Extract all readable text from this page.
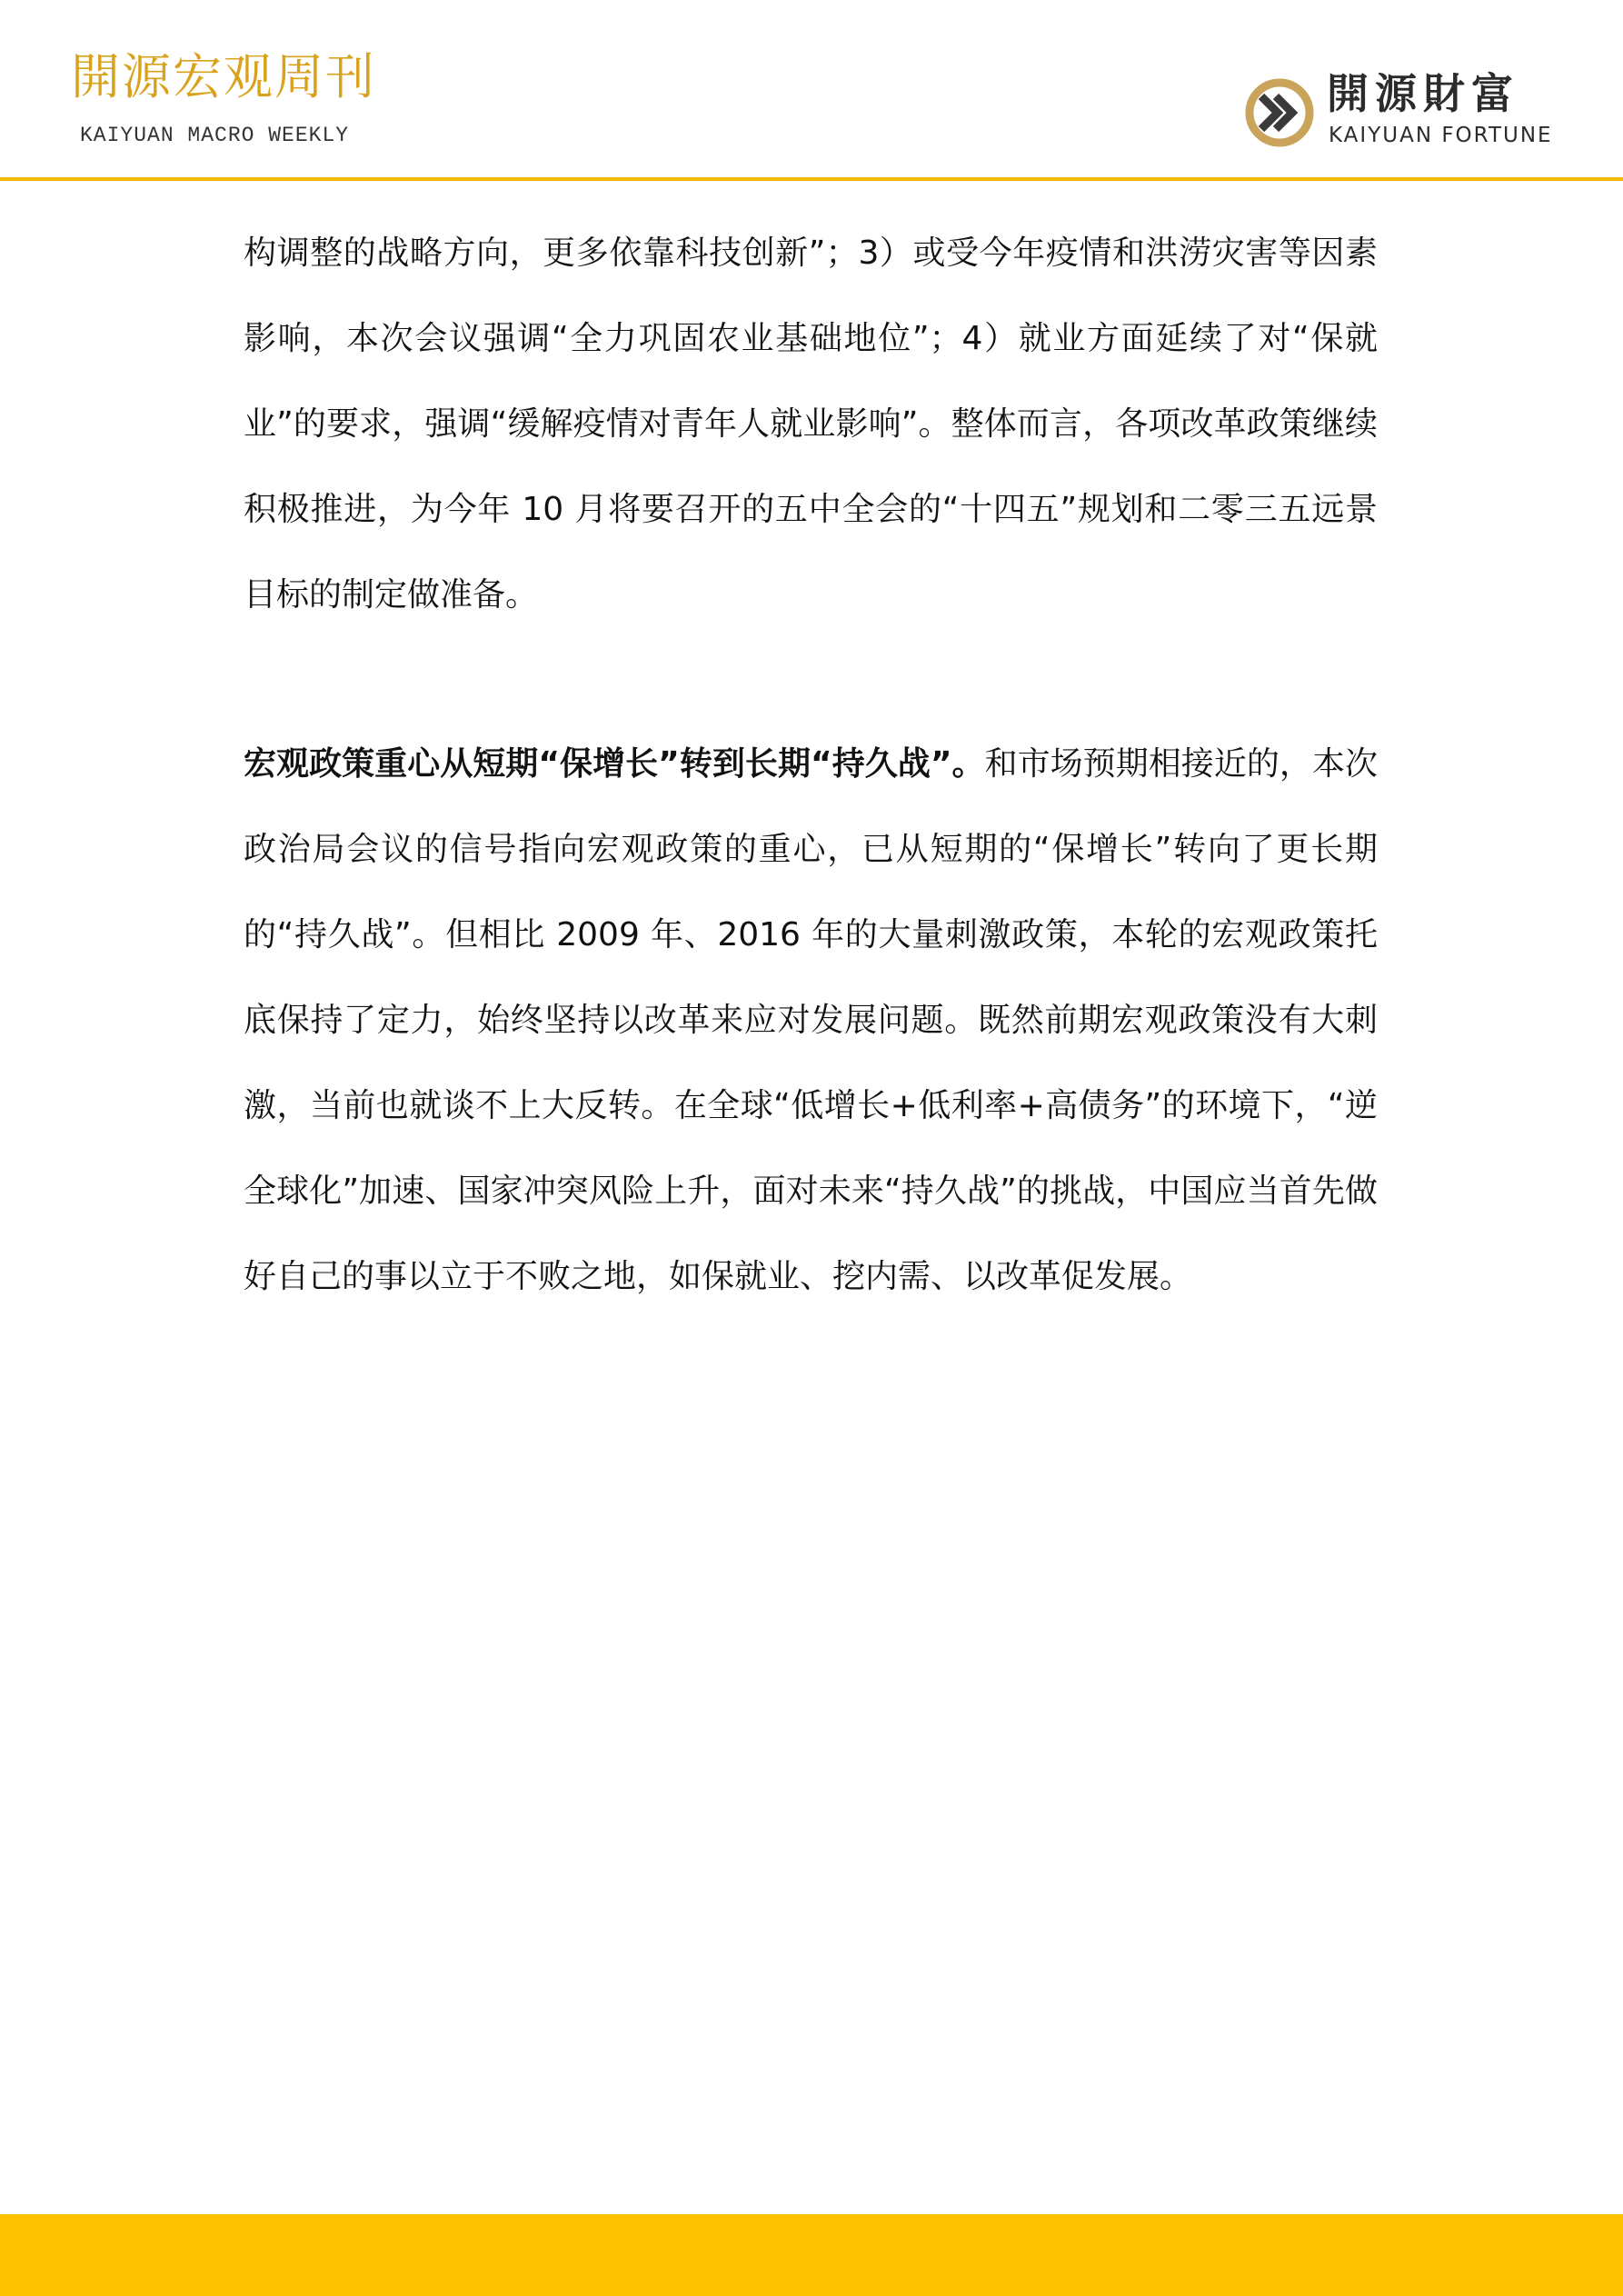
開源宏观周刊
KAIYUAN MACRO WEEKLY
開源財富
KAIYUAN FORTUNE

构调整的战略方向，更多依靠科技创新”；3）或受今年疫情和洪涝灾害等因素影响，本次会议强调“全力巩固农业基础地位”；4）就业方面延续了对“保就业”的要求，强调“缓解疫情对青年人就业影响”。整体而言，各项改革政策继续积极推进，为今年 10 月将要召开的五中全会的“十四五”规划和二零三五远景目标的制定做准备。

宏观政策重心从短期“保增长”转到长期“持久战”。和市场预期相接近的，本次政治局会议的信号指向宏观政策的重心，已从短期的“保增长”转向了更长期的“持久战”。但相比 2009 年、2016 年的大量刺激政策，本轮的宏观政策托底保持了定力，始终坚持以改革来应对发展问题。既然前期宏观政策没有大刺激，当前也就谈不上大反转。在全球“低增长+低利率+高债务”的环境下，“逆全球化”加速、国家冲突风险上升，面对未来“持久战”的挑战，中国应当首先做好自己的事以立于不败之地，如保就业、挖内需、以改革促发展。
